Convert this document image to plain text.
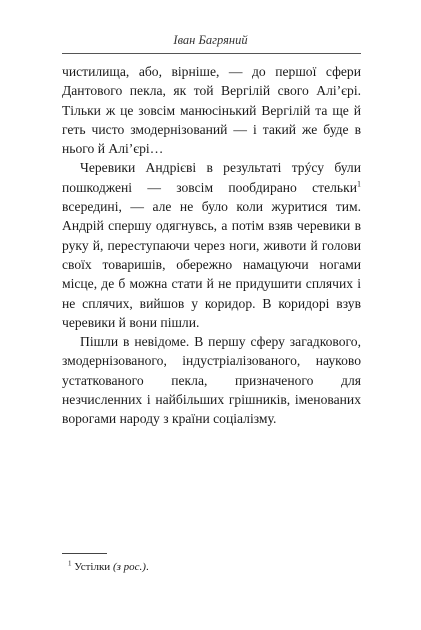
Іван Багряний

чистилища, або, вірніше, — до першої сфери Дантового пекла, як той Вергілій свого Алі’єрі. Тільки ж це зовсім манюсінький Вергілій та ще й геть чисто змодернізований — і такий же буде в нього й Алі’єрі…

Черевики Андрієві в результаті трýсу були пошкоджені — зовсім пообдирано стельки$^1$ всередині, — але не було коли журитися тим. Андрій спершу одягнувсь, а потім взяв черевики в руку й, переступаючи через ноги, животи й голови своїх товаришів, обережно намацуючи ногами місце, де б можна стати й не придушити сплячих і не сплячих, вийшов у коридор. В коридорі взув черевики й вони пішли.

Пішли в невідоме. В першу сферу загадкового, змодернізованого, індустріалізованого, науково устаткованого пекла, призначеного для незчисленних і найбільших грішників, іменованих ворогами народу з країни соціалізму.

$^1$ Устілки (з рос.).
